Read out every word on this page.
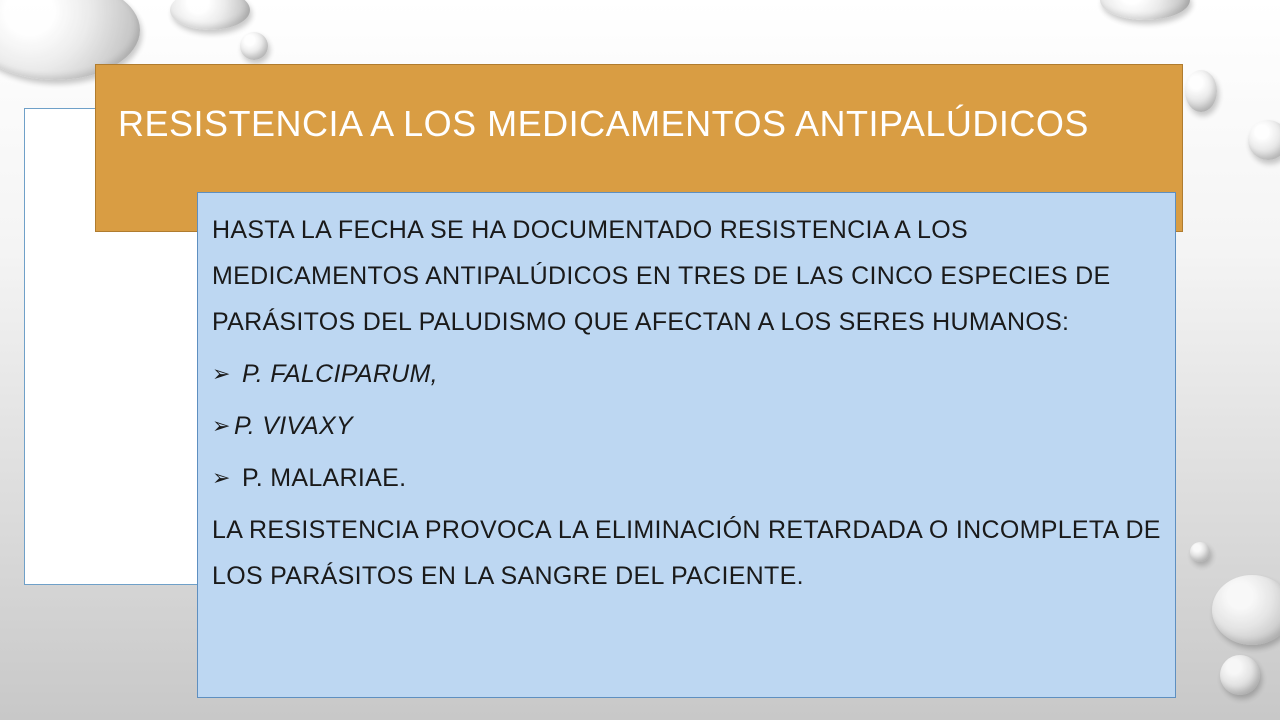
RESISTENCIA A LOS MEDICAMENTOS ANTIPALÚDICOS

HASTA LA FECHA SE HA DOCUMENTADO RESISTENCIA A LOS MEDICAMENTOS ANTIPALÚDICOS EN TRES DE LAS CINCO ESPECIES DE PARÁSITOS DEL PALUDISMO QUE AFECTAN A LOS SERES HUMANOS:

➢ P. FALCIPARUM,
➢ P. VIVAXY
➢ P. MALARIAE.

LA RESISTENCIA PROVOCA LA ELIMINACIÓN RETARDADA O INCOMPLETA DE LOS PARÁSITOS EN LA SANGRE DEL PACIENTE.
